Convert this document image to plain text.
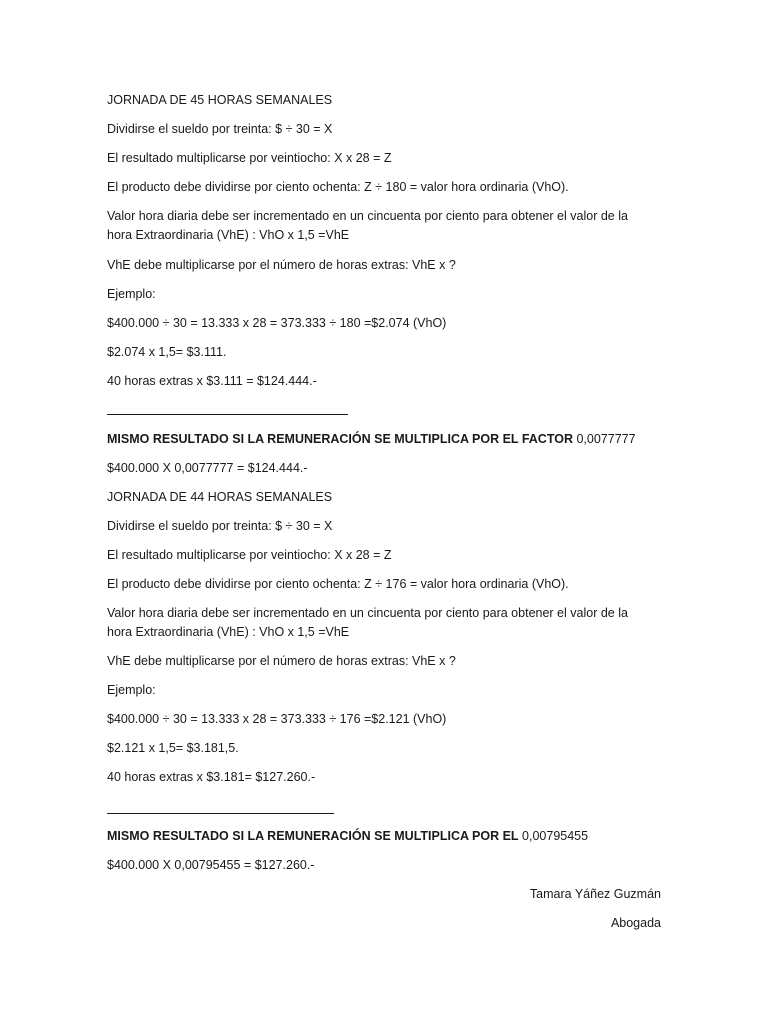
JORNADA DE 45 HORAS SEMANALES
Dividirse el sueldo por treinta: $ ÷ 30 = X
El resultado multiplicarse por veintiocho: X x 28 = Z
El producto debe dividirse por ciento ochenta: Z ÷ 180 = valor hora ordinaria (VhO).
Valor hora diaria debe ser incrementado en un cincuenta por ciento para obtener el valor de la hora Extraordinaria (VhE) : VhO x 1,5 =VhE
VhE debe multiplicarse por el número de horas extras: VhE x ?
Ejemplo:
$400.000 ÷ 30 = 13.333 x 28 = 373.333 ÷ 180 =$2.074 (VhO)
$2.074 x 1,5= $3.111.
40 horas extras x $3.111 = $124.444.-
MISMO RESULTADO SI LA REMUNERACIÓN SE MULTIPLICA POR EL FACTOR 0,0077777
$400.000 X 0,0077777 = $124.444.-
JORNADA DE 44 HORAS SEMANALES
Dividirse el sueldo por treinta: $ ÷ 30 = X
El resultado multiplicarse por veintiocho: X x 28 = Z
El producto debe dividirse por ciento ochenta: Z ÷ 176 = valor hora ordinaria (VhO).
Valor hora diaria debe ser incrementado en un cincuenta por ciento para obtener el valor de la hora Extraordinaria (VhE) : VhO x 1,5 =VhE
VhE debe multiplicarse por el número de horas extras: VhE x ?
Ejemplo:
$400.000 ÷ 30 = 13.333 x 28 = 373.333 ÷ 176 =$2.121 (VhO)
$2.121 x 1,5= $3.181,5.
40 horas extras x $3.181= $127.260.-
MISMO RESULTADO SI LA REMUNERACIÓN SE MULTIPLICA POR EL 0,00795455
$400.000 X 0,00795455 = $127.260.-
Tamara Yáñez Guzmán
Abogada
